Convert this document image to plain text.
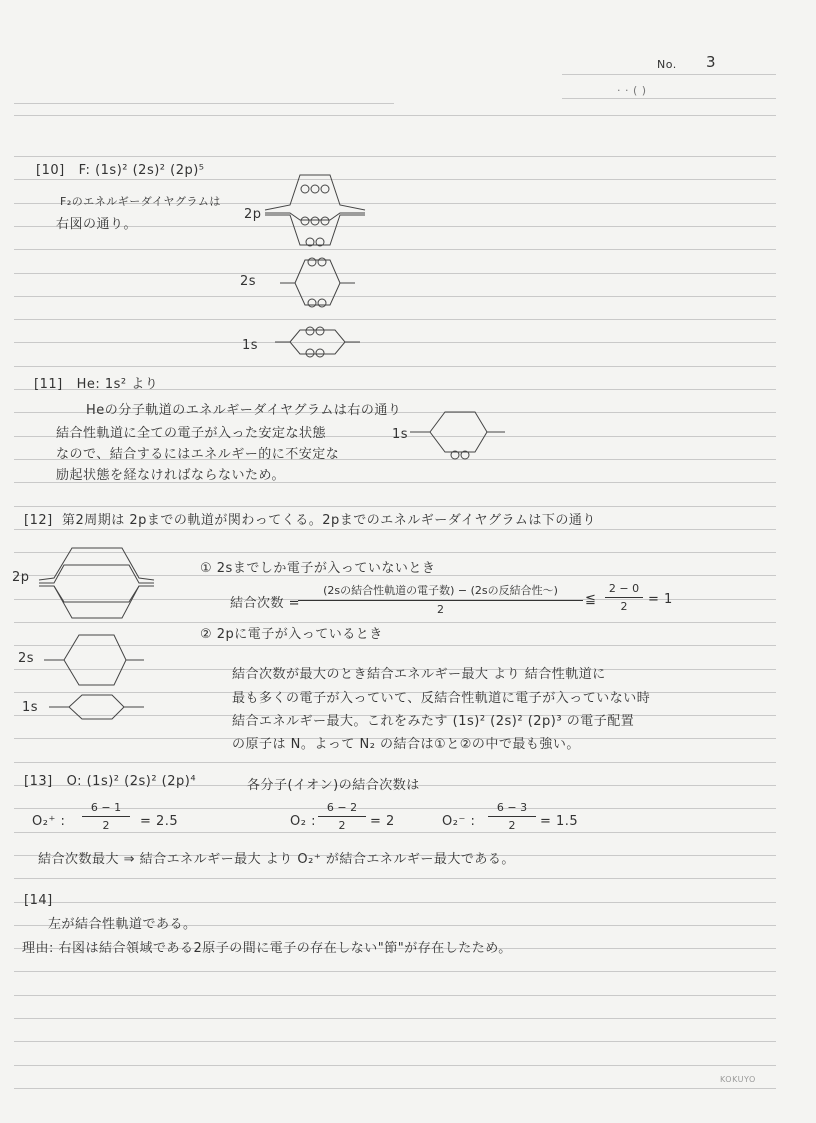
No. 3
· · ( )
[10] F: (1s)² (2s)² (2p)⁵
F₂のエネルギーダイヤグラムは
右図の通り。
2p
2s
1s
[11] He: 1s² より
Heの分子軌道のエネルギーダイヤグラムは右の通り
結合性軌道に全ての電子が入った安定な状態
なので、結合するにはエネルギー的に不安定な
励起状態を経なければならないため。
1s
[12] 第2周期は 2pまでの軌道が関わってくる。2pまでのエネルギーダイヤグラムは下の通り
2p
2s
1s
① 2sまでしか電子が入っていないとき
結合次数 =
(2sの結合性軌道の電子数) − (2sの反結合性〜)
2
≦
2 − 0
2	= 1
② 2pに電子が入っているとき
結合次数が最大のとき結合エネルギー最大 より 結合性軌道に
最も多くの電子が入っていて、反結合性軌道に電子が入っていない時
結合エネルギー最大。これをみたす (1s)² (2s)² (2p)³ の電子配置
の原子は N。よって N₂ の結合は①と②の中で最も強い。
[13] O: (1s)² (2s)² (2p)⁴	各分子(イオン)の結合次数は
O₂⁺ :
6 − 1
2	= 2.5	O₂ :
6 − 2
2	= 2	O₂⁻ :
6 − 3
2	= 1.5
結合次数最大 ⇒ 結合エネルギー最大 より O₂⁺ が結合エネルギー最大である。
[14]
左が結合性軌道である。
理由: 右図は結合領域である2原子の間に電子の存在しない"節"が存在したため。
KOKUYO
